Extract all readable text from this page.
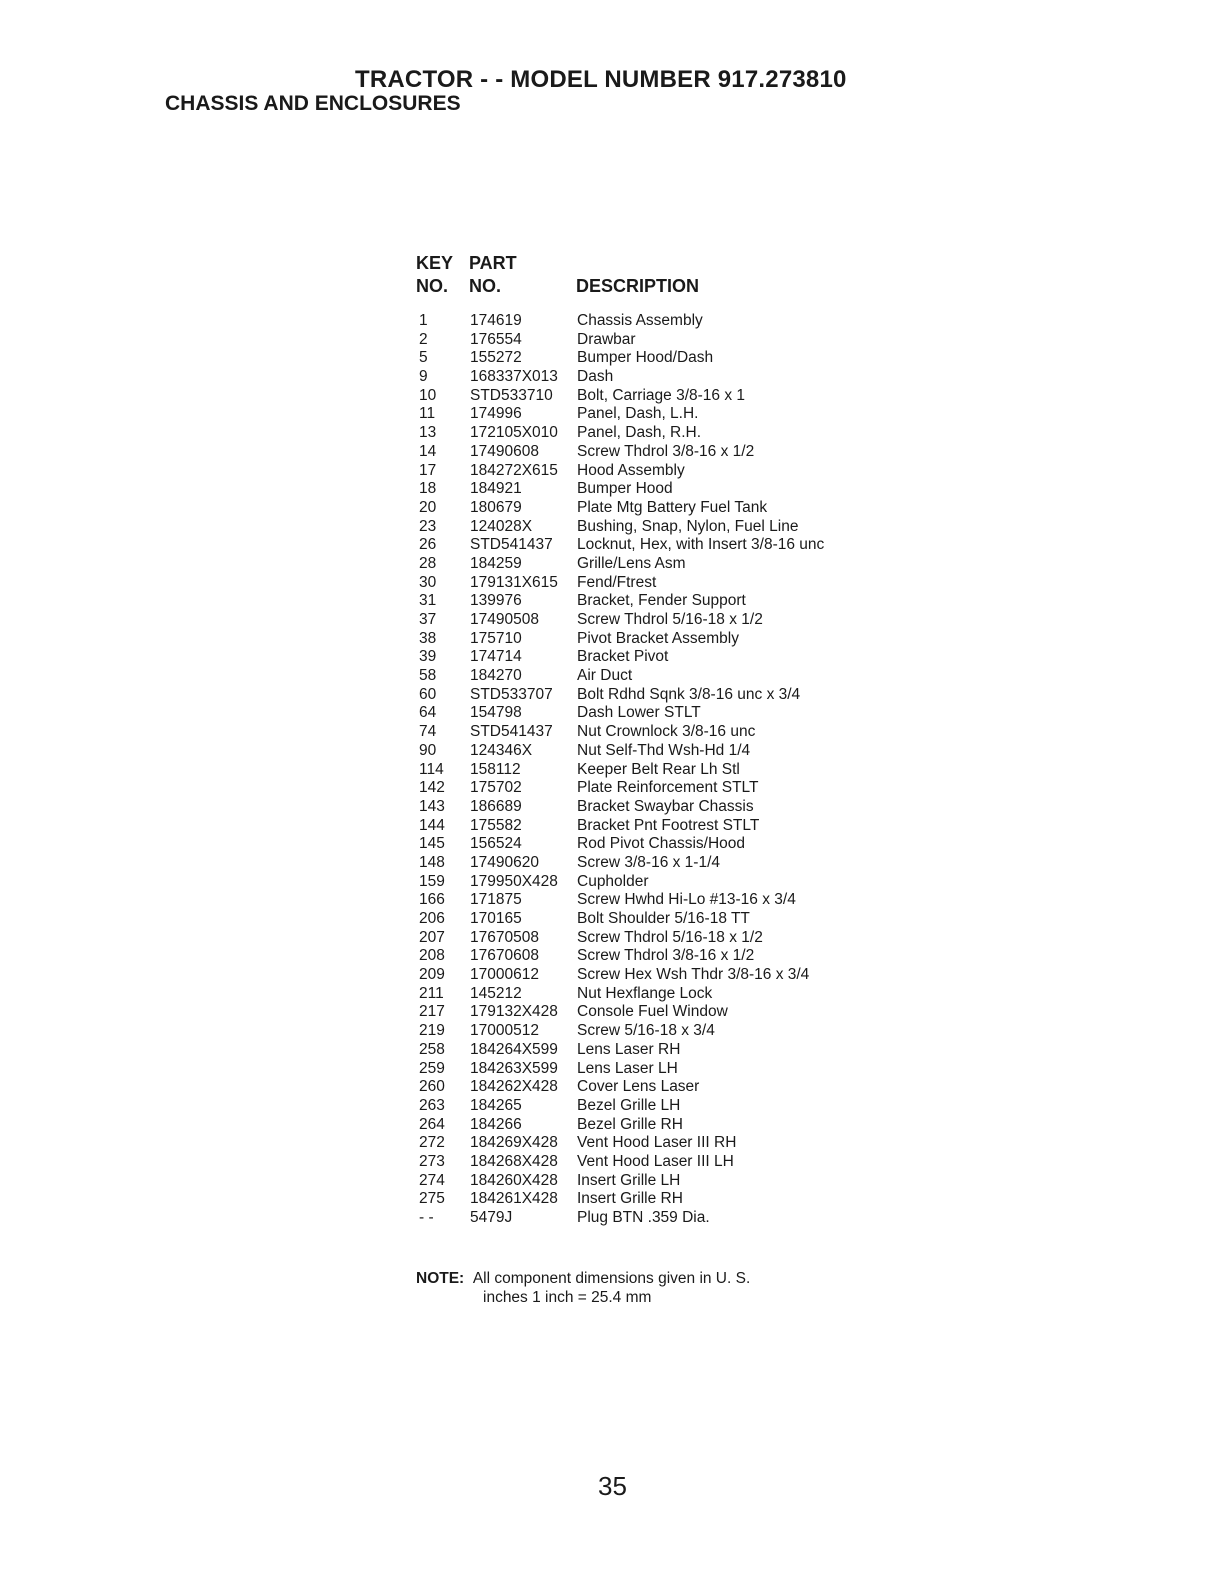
TRACTOR - - MODEL NUMBER 917.273810
CHASSIS AND ENCLOSURES
KEY
NO.
PART
NO.	DESCRIPTION
1	174619	Chassis Assembly
2	176554	Drawbar
5	155272	Bumper Hood/Dash
9	168337X013 Dash
10 STD533710 Bolt, Carriage 3/8-16 x 1
11 174996	Panel, Dash, L.H.
13 172105X010 Panel, Dash, R.H.
14 17490608 Screw Thdrol 3/8-16 x 1/2
17 184272X615 Hood Assembly
18 184921	Bumper Hood
20 180679	Plate Mtg Battery Fuel Tank
23 124028X	Bushing, Snap, Nylon, Fuel Line
26 STD541437 Locknut, Hex, with Insert 3/8-16 unc
28 184259	Grille/Lens Asm
30 179131X615 Fend/Ftrest
31 139976	Bracket, Fender Support
37 17490508 Screw Thdrol 5/16-18 x 1/2
38 175710	Pivot Bracket Assembly
39 174714	Bracket Pivot
58 184270	Air Duct
60 STD533707 Bolt Rdhd Sqnk 3/8-16 unc x 3/4
64 154798	Dash Lower STLT
74 STD541437 Nut Crownlock 3/8-16 unc
90 124346X	Nut Self-Thd Wsh-Hd 1/4
114 158112	Keeper Belt Rear Lh Stl
142 175702	Plate Reinforcement STLT
143 186689	Bracket Swaybar Chassis
144 175582	Bracket Pnt Footrest STLT
145 156524	Rod Pivot Chassis/Hood
148 17490620 Screw 3/8-16 x 1-1/4
159 179950X428 Cupholder
166 171875	Screw Hwhd Hi-Lo #13-16 x 3/4
206 170165	Bolt Shoulder 5/16-18 TT
207 17670508 Screw Thdrol 5/16-18 x 1/2
208 17670608 Screw Thdrol 3/8-16 x 1/2
209 17000612 Screw Hex Wsh Thdr 3/8-16 x 3/4
211 145212	Nut Hexflange Lock
217 179132X428 Console Fuel Window
219 17000512 Screw 5/16-18 x 3/4
258 184264X599 Lens Laser RH
259 184263X599 Lens Laser LH
260 184262X428 Cover Lens Laser
263 184265	Bezel Grille LH
264 184266	Bezel Grille RH
272 184269X428 Vent Hood Laser III RH
273 184268X428 Vent Hood Laser III LH
274 184260X428 Insert Grille LH
275 184261X428 Insert Grille RH
- - 5479J	Plug BTN .359 Dia.
NOTE: All component dimensions given in U. S.
inches 1 inch = 25.4 mm
35
